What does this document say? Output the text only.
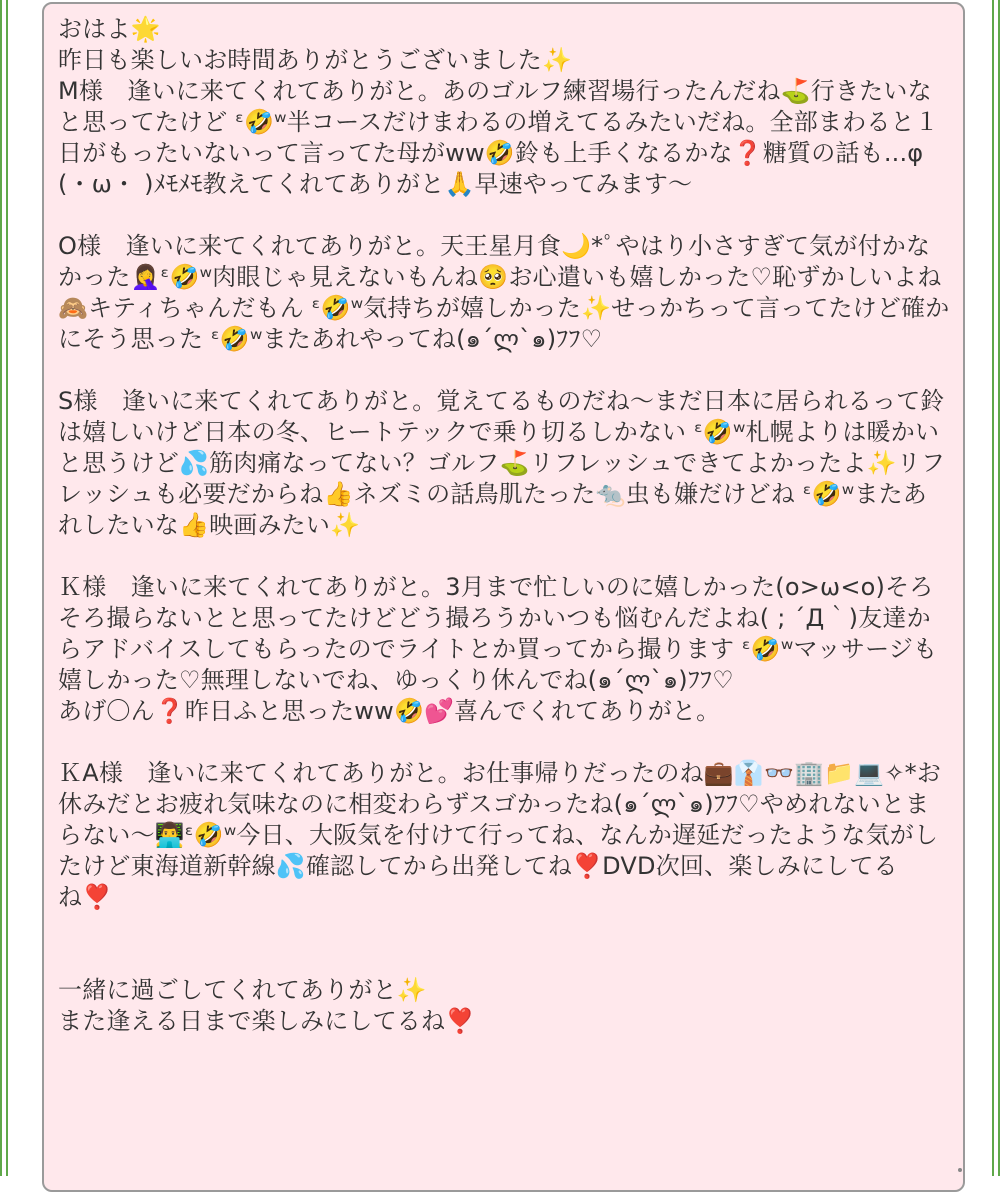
おはよ🌟
昨日も楽しいお時間ありがとうございました✨
M様　逢いに来てくれてありがと。あのゴルフ練習場行ったんだね⛳行きたいなと思ってたけど ᵋ🤣ʷ半コースだけまわるの増えてるみたいだね。全部まわると１日がもったいないって言ってた母がww🤣鈴も上手くなるかな❓糖質の話も...φ(・ω・ )ﾒﾓﾒﾓ教えてくれてありがと🙏早速やってみます〜

O様　逢いに来てくれてありがと。天王星月食🌙*ﾟやはり小さすぎて気が付かなかった🤦‍♀️ᵋ🤣ʷ肉眼じゃ見えないもんね🥺お心遣いも嬉しかった♡恥ずかしいよね🙈キティちゃんだもん ᵋ🤣ʷ気持ちが嬉しかった✨せっかちって言ってたけど確かにそう思った ᵋ🤣ʷまたあれやってね(๑´ლ`๑)ﾌﾌ♡

S様　逢いに来てくれてありがと。覚えてるものだね〜まだ日本に居られるって鈴は嬉しいけど日本の冬、ヒートテックで乗り切るしかない ᵋ🤣ʷ札幌よりは暖かいと思うけど💦筋肉痛なってない？ゴルフ⛳リフレッシュできてよかったよ✨リフレッシュも必要だからね👍ネズミの話鳥肌たった🐀虫も嫌だけどね ᵋ🤣ʷまたあれしたいな👍映画みたい✨

Ｋ様　逢いに来てくれてありがと。3月まで忙しいのに嬉しかった(o>ω<o)そろそろ撮らないとと思ってたけどどう撮ろうかいつも悩むんだよね( ; ´Д｀)友達からアドバイスしてもらったのでライトとか買ってから撮ります ᵋ🤣ʷマッサージも嬉しかった♡無理しないでね、ゆっくり休んでね(๑´ლ`๑)ﾌﾌ♡
あげ〇ん❓昨日ふと思ったww🤣💕喜んでくれてありがと。

ＫA様　逢いに来てくれてありがと。お仕事帰りだったのね💼👔👓🏢📁💻✧*お休みだとお疲れ気味なのに相変わらずスゴかったね(๑´ლ`๑)ﾌﾌ♡やめれないとまらない〜👨‍💻ᵋ🤣ʷ今日、大阪気を付けて行ってね、なんか遅延だったような気がしたけど東海道新幹線💦確認してから出発してね❣️DVD次回、楽しみにしてるね❣️

一緒に過ごしてくれてありがと✨
また逢える日まで楽しみにしてるね❣️
